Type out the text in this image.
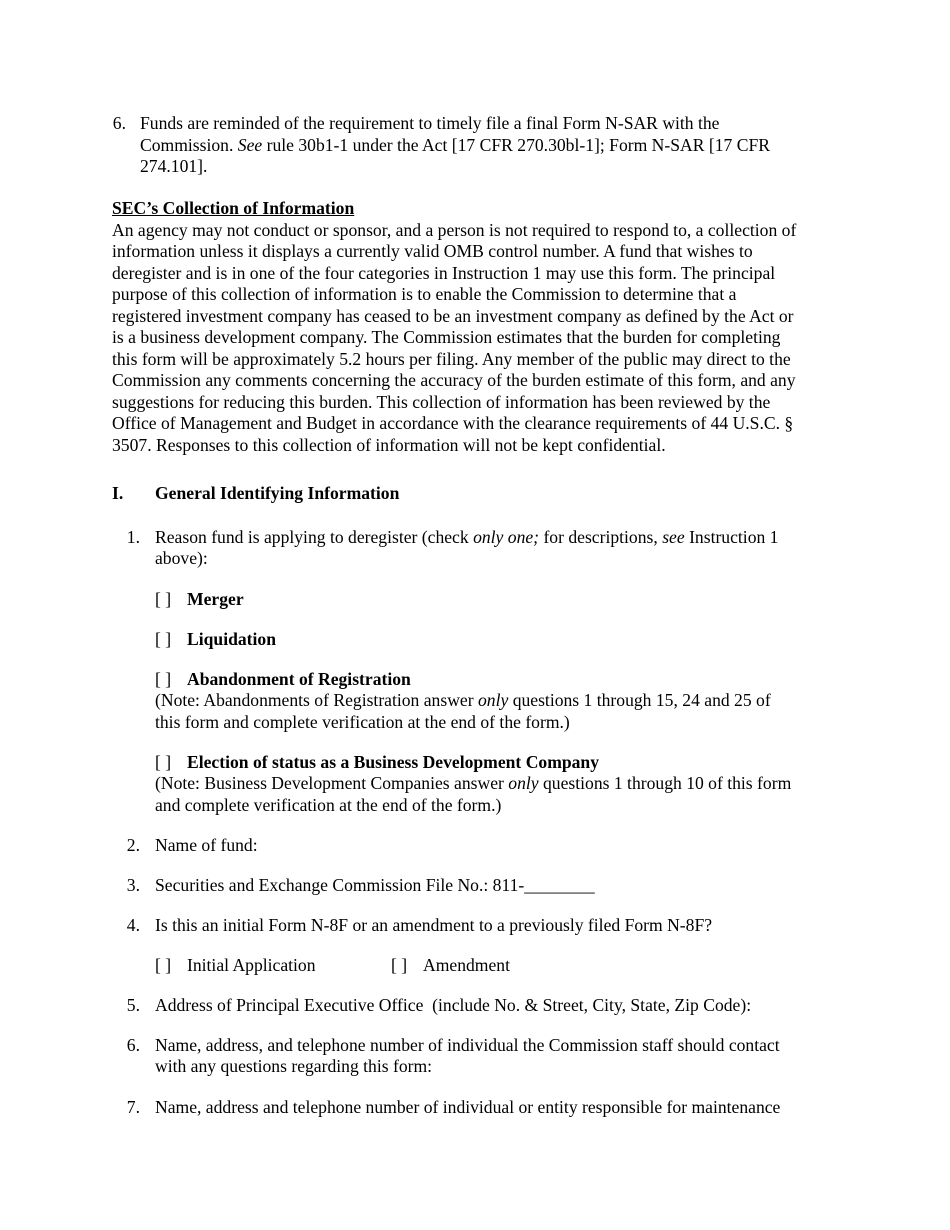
6. Funds are reminded of the requirement to timely file a final Form N-SAR with the
Commission. See rule 30b1-1 under the Act [17 CFR 270.30bl-1]; Form N-SAR [17 CFR
274.101].
SEC’s Collection of Information
An agency may not conduct or sponsor, and a person is not required to respond to, a collection of
information unless it displays a currently valid OMB control number. A fund that wishes to
deregister and is in one of the four categories in Instruction 1 may use this form. The principal
purpose of this collection of information is to enable the Commission to determine that a
registered investment company has ceased to be an investment company as defined by the Act or
is a business development company. The Commission estimates that the burden for completing
this form will be approximately 5.2 hours per filing. Any member of the public may direct to the
Commission any comments concerning the accuracy of the burden estimate of this form, and any
suggestions for reducing this burden. This collection of information has been reviewed by the
Office of Management and Budget in accordance with the clearance requirements of 44 U.S.C. §
3507. Responses to this collection of information will not be kept confidential.
I. General Identifying Information
1. Reason fund is applying to deregister (check only one; for descriptions, see Instruction 1
above):
[ ] Merger
[ ] Liquidation
[ ] Abandonment of Registration
(Note: Abandonments of Registration answer only questions 1 through 15, 24 and 25 of
this form and complete verification at the end of the form.)
[ ] Election of status as a Business Development Company
(Note: Business Development Companies answer only questions 1 through 10 of this form
and complete verification at the end of the form.)
2. Name of fund:
3. Securities and Exchange Commission File No.: 811-________
4. Is this an initial Form N-8F or an amendment to a previously filed Form N-8F?
[ ] Initial Application	[ ] Amendment
5. Address of Principal Executive Office  (include No. & Street, City, State, Zip Code):
6. Name, address, and telephone number of individual the Commission staff should contact
with any questions regarding this form:
7. Name, address and telephone number of individual or entity responsible for maintenance
